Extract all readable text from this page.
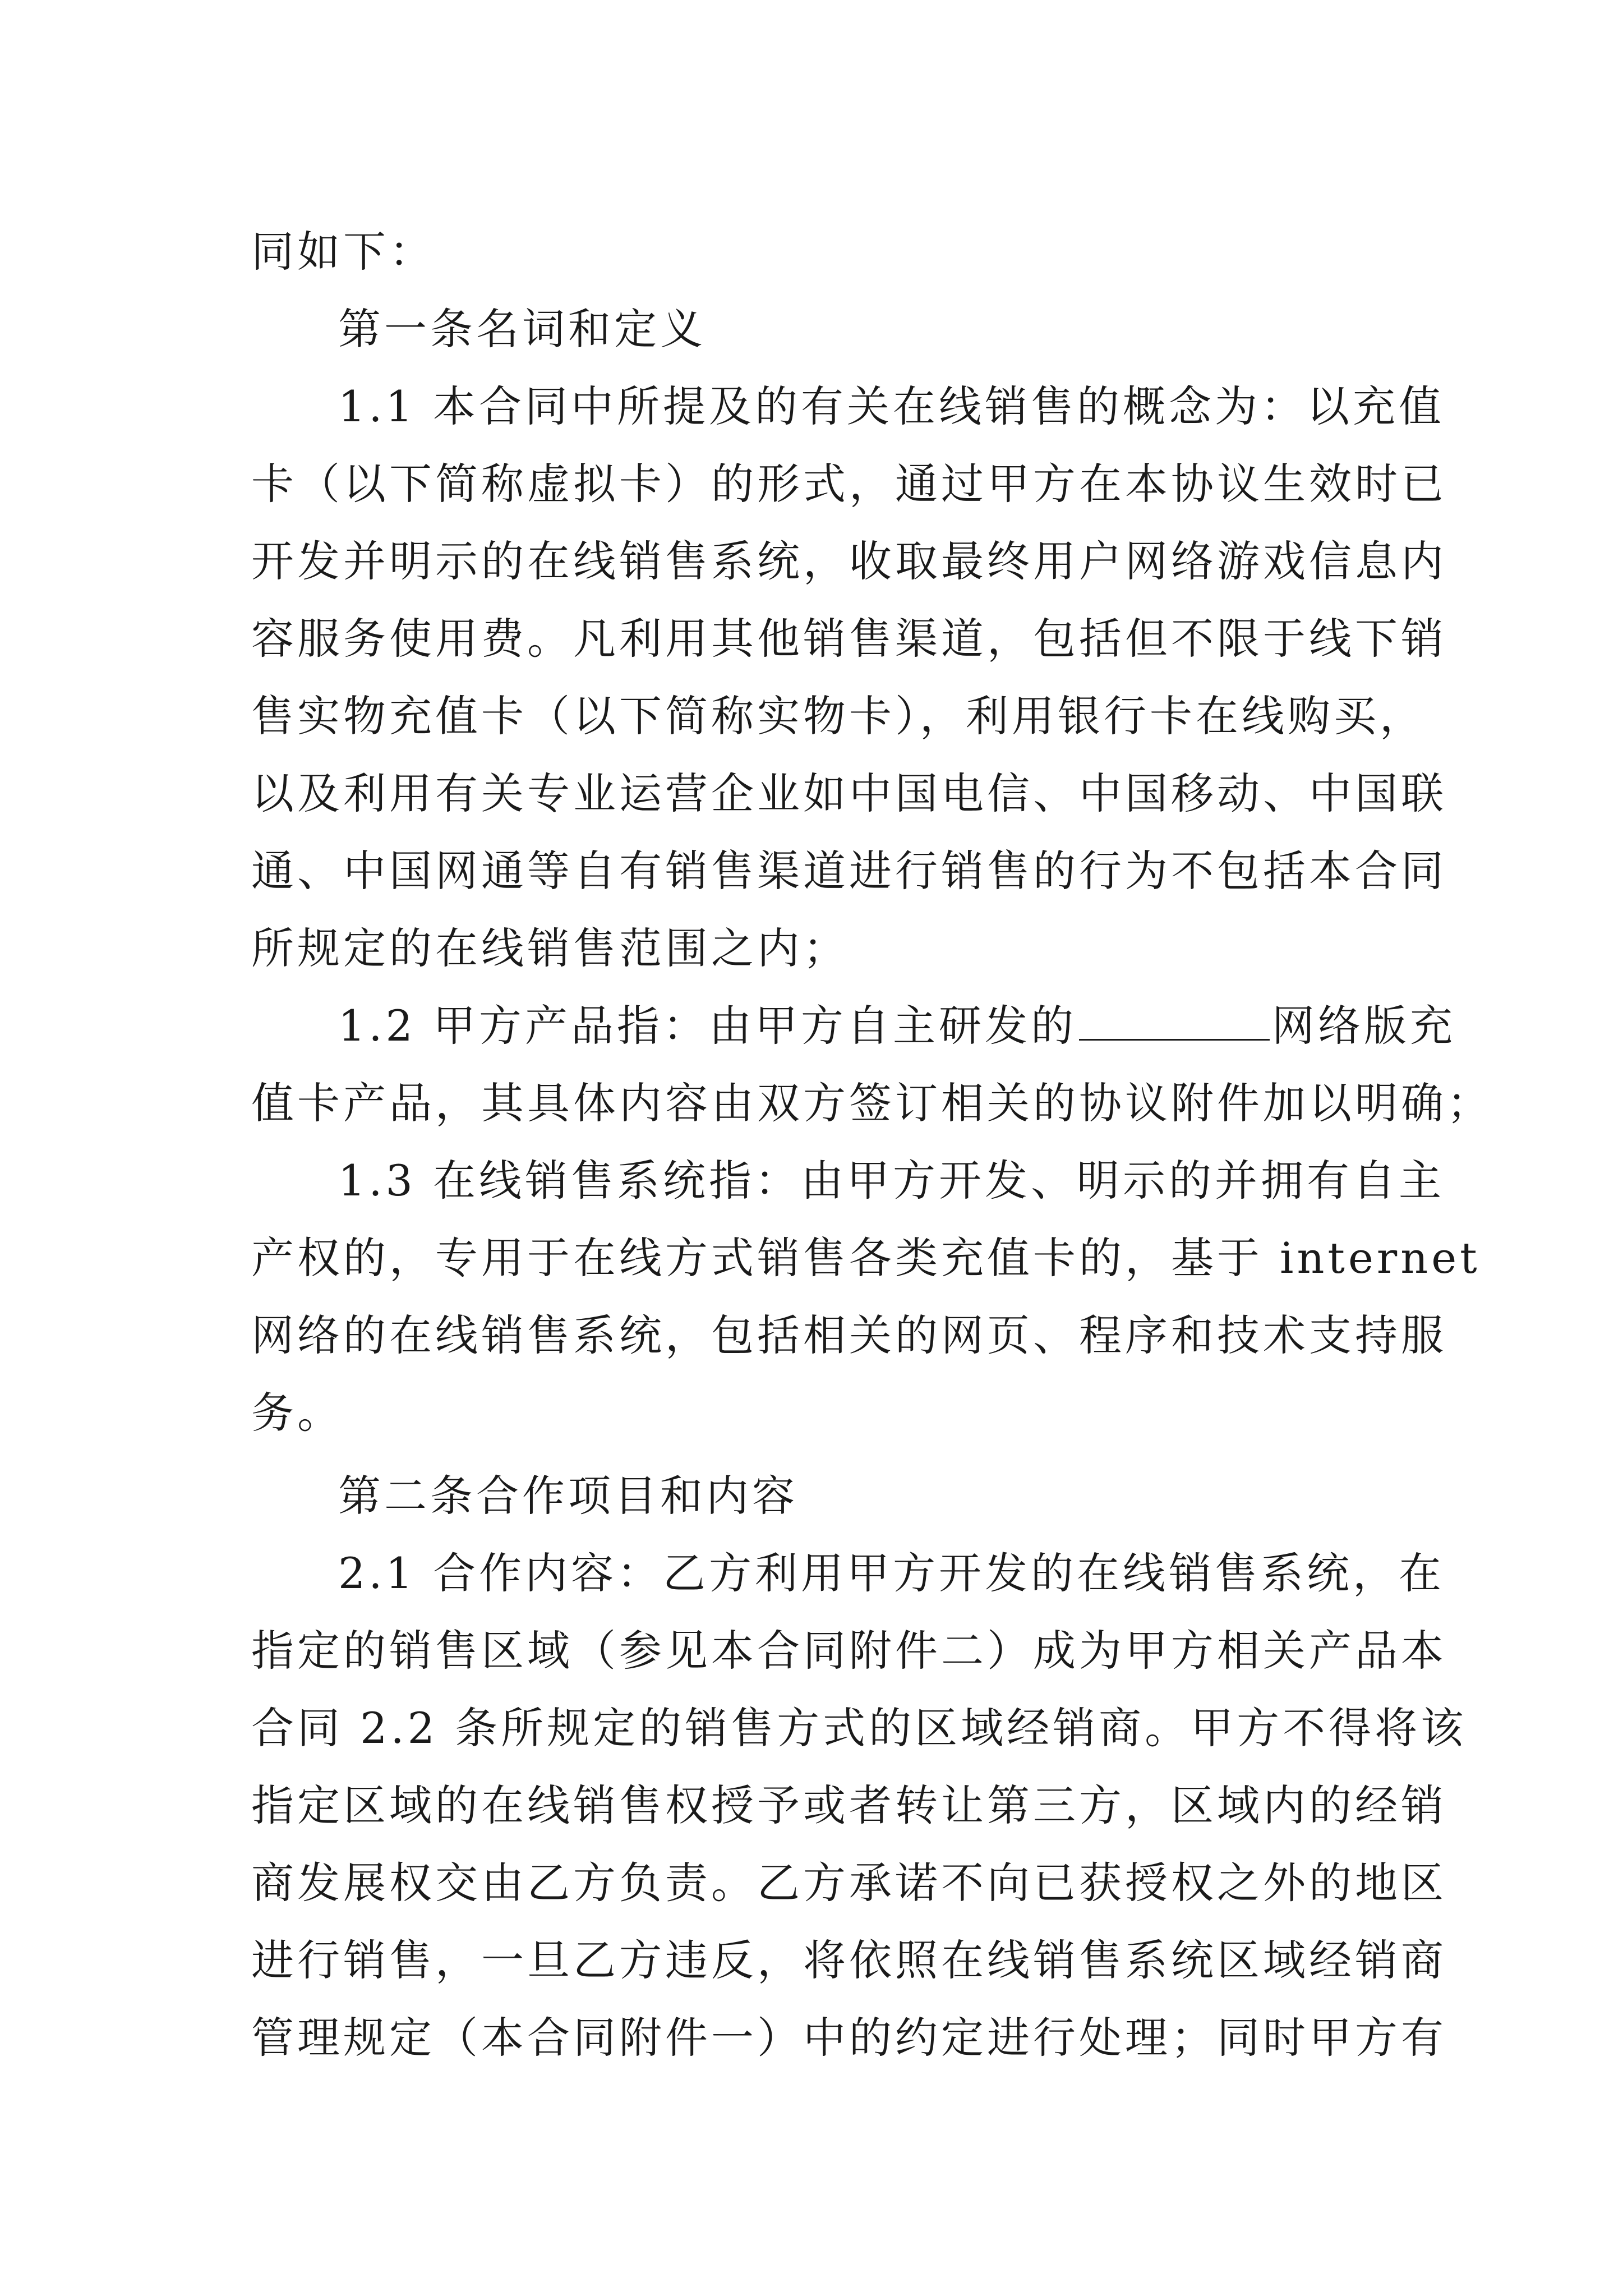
同如下：
第一条名词和定义
1.1 本合同中所提及的有关在线销售的概念为：以充值
卡（以下简称虚拟卡）的形式，通过甲方在本协议生效时已
开发并明示的在线销售系统，收取最终用户网络游戏信息内
容服务使用费。凡利用其他销售渠道，包括但不限于线下销
售实物充值卡（以下简称实物卡），利用银行卡在线购买，
以及利用有关专业运营企业如中国电信、中国移动、中国联
通、中国网通等自有销售渠道进行销售的行为不包括本合同
所规定的在线销售范围之内；
1.2 甲方产品指：由甲方自主研发的	网络版充
值卡产品，其具体内容由双方签订相关的协议附件加以明确；
1.3 在线销售系统指：由甲方开发、明示的并拥有自主
产权的，专用于在线方式销售各类充值卡的，基于 internet
网络的在线销售系统，包括相关的网页、程序和技术支持服
务。
第二条合作项目和内容
2.1 合作内容：乙方利用甲方开发的在线销售系统，在
指定的销售区域（参见本合同附件二）成为甲方相关产品本
合同 2.2 条所规定的销售方式的区域经销商。甲方不得将该
指定区域的在线销售权授予或者转让第三方，区域内的经销
商发展权交由乙方负责。乙方承诺不向已获授权之外的地区
进行销售，一旦乙方违反，将依照在线销售系统区域经销商
管理规定（本合同附件一）中的约定进行处理；同时甲方有
